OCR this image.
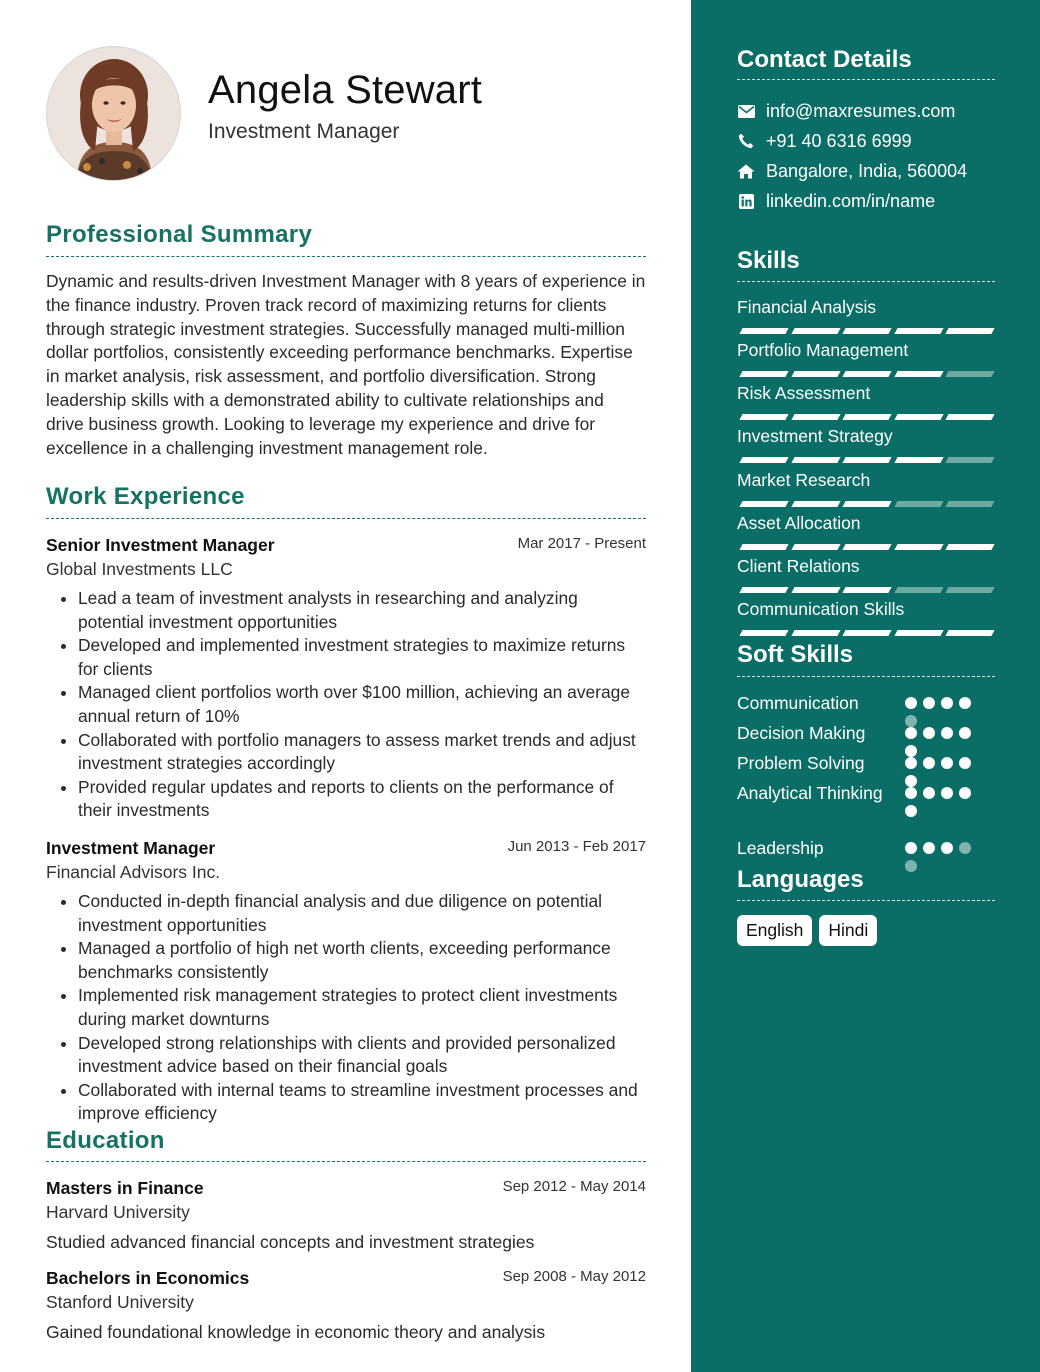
Angela Stewart
Investment Manager
Professional Summary
Dynamic and results-driven Investment Manager with 8 years of experience in the finance industry. Proven track record of maximizing returns for clients through strategic investment strategies. Successfully managed multi-million dollar portfolios, consistently exceeding performance benchmarks. Expertise in market analysis, risk assessment, and portfolio diversification. Strong leadership skills with a demonstrated ability to cultivate relationships and drive business growth. Looking to leverage my experience and drive for excellence in a challenging investment management role.
Work Experience
Senior Investment Manager
Global Investments LLC
Mar 2017 - Present
• Lead a team of investment analysts in researching and analyzing potential investment opportunities
• Developed and implemented investment strategies to maximize returns for clients
• Managed client portfolios worth over $100 million, achieving an average annual return of 10%
• Collaborated with portfolio managers to assess market trends and adjust investment strategies accordingly
• Provided regular updates and reports to clients on the performance of their investments
Investment Manager
Financial Advisors Inc.
Jun 2013 - Feb 2017
• Conducted in-depth financial analysis and due diligence on potential investment opportunities
• Managed a portfolio of high net worth clients, exceeding performance benchmarks consistently
• Implemented risk management strategies to protect client investments during market downturns
• Developed strong relationships with clients and provided personalized investment advice based on their financial goals
• Collaborated with internal teams to streamline investment processes and improve efficiency
Education
Masters in Finance
Harvard University
Sep 2012 - May 2014
Studied advanced financial concepts and investment strategies
Bachelors in Economics
Stanford University
Sep 2008 - May 2012
Gained foundational knowledge in economic theory and analysis
Contact Details
info@maxresumes.com
+91 40 6316 6999
Bangalore, India, 560004
linkedin.com/in/name
Skills
Financial Analysis
Portfolio Management
Risk Assessment
Investment Strategy
Market Research
Asset Allocation
Client Relations
Communication Skills
Soft Skills
Communication
Decision Making
Problem Solving
Analytical Thinking
Leadership
Languages
English	Hindi
